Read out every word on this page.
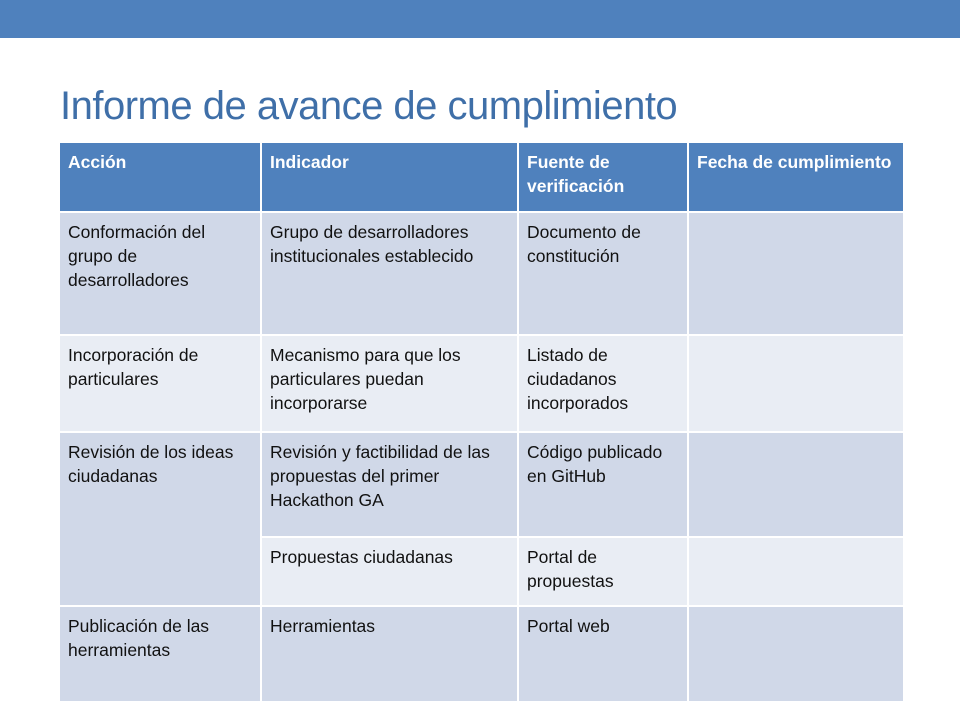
Informe de avance de cumplimiento
Acción	Indicador	Fuente de verificación	Fecha de cumplimiento
Conformación del grupo de desarrolladores	Grupo de desarrolladores institucionales establecido	Documento de constitución	
Incorporación de particulares	Mecanismo para que los particulares puedan incorporarse	Listado de ciudadanos incorporados	
Revisión de los ideas ciudadanas	Revisión y factibilidad de las propuestas del primer Hackathon GA	Código publicado en GitHub	
	Propuestas ciudadanas	Portal de propuestas	
Publicación de las herramientas	Herramientas	Portal web	
